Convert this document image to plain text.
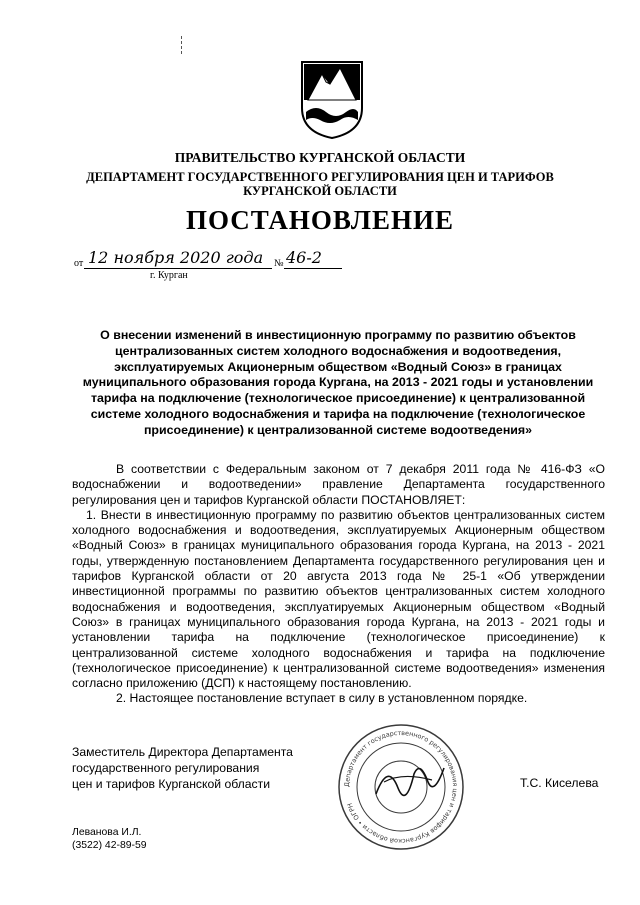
ПРАВИТЕЛЬСТВО КУРГАНСКОЙ ОБЛАСТИ
ДЕПАРТАМЕНТ ГОСУДАРСТВЕННОГО РЕГУЛИРОВАНИЯ ЦЕН И ТАРИФОВ
КУРГАНСКОЙ ОБЛАСТИ
ПОСТАНОВЛЕНИЕ
от 12 ноября 2020 года № 46-2
г. Курган
О внесении изменений в инвестиционную программу по развитию объектов централизованных систем холодного водоснабжения и водоотведения, эксплуатируемых Акционерным обществом «Водный Союз» в границах муниципального образования города Кургана, на 2013 - 2021 годы и установлении тарифа на подключение (технологическое присоединение) к централизованной системе холодного водоснабжения и тарифа на подключение (технологическое присоединение) к централизованной системе водоотведения»

В соответствии с Федеральным законом от 7 декабря 2011 года № 416-ФЗ «О водоснабжении и водоотведении» правление Департамента государственного регулирования цен и тарифов Курганской области ПОСТАНОВЛЯЕТ:

1. Внести в инвестиционную программу по развитию объектов централизованных систем холодного водоснабжения и водоотведения, эксплуатируемых Акционерным обществом «Водный Союз» в границах муниципального образования города Кургана, на 2013 - 2021 годы, утвержденную постановлением Департамента государственного регулирования цен и тарифов Курганской области от 20 августа 2013 года № 25-1 «Об утверждении инвестиционной программы по развитию объектов централизованных систем холодного водоснабжения и водоотведения, эксплуатируемых Акционерным обществом «Водный Союз» в границах муниципального образования города Кургана, на 2013 - 2021 годы и установлении тарифа на подключение (технологическое присоединение) к централизованной системе холодного водоснабжения и тарифа на подключение (технологическое присоединение) к централизованной системе водоотведения» изменения согласно приложению (ДСП) к настоящему постановлению.

2. Настоящее постановление вступает в силу в установленном порядке.

Заместитель Директора Департамента
государственного регулирования
цен и тарифов Курганской области	Департамент государственного регулирования цен и тарифов Курганской области • ОГРН
Т.С. Киселева
Леванова И.Л.
(3522) 42-89-59
